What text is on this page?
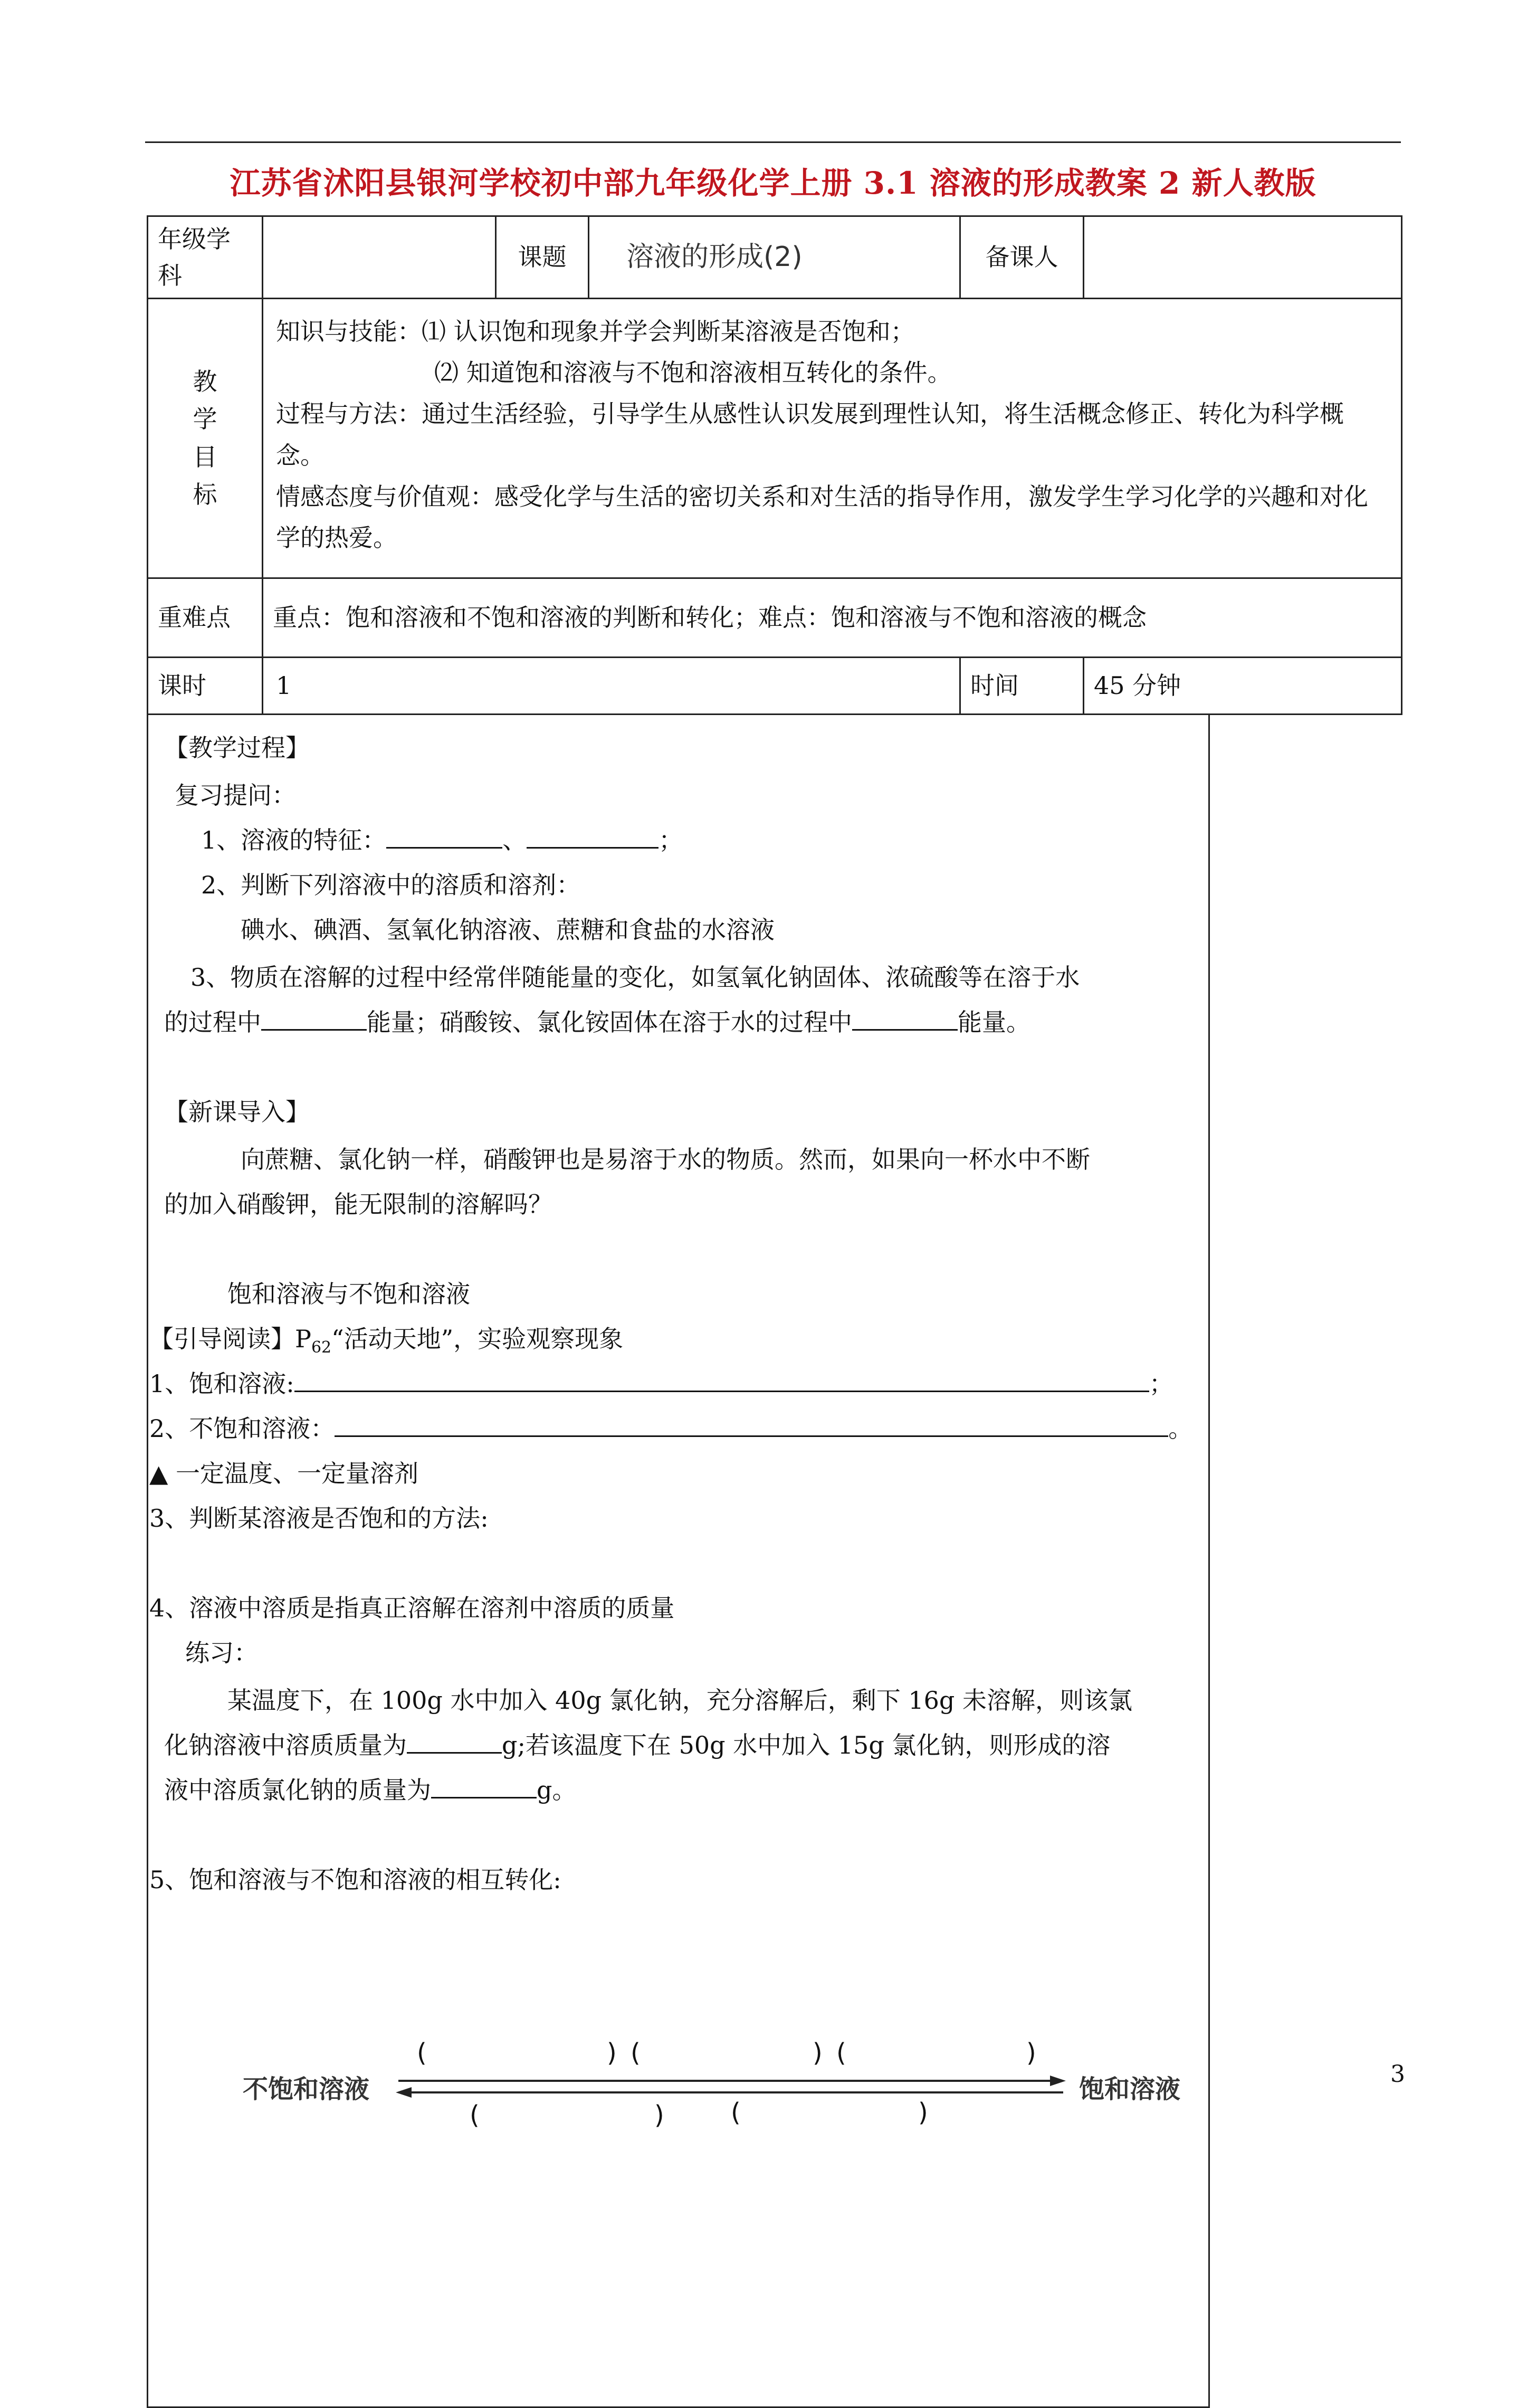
江苏省沭阳县银河学校初中部九年级化学上册 3.1 溶液的形成教案 2 新人教版
年级学科		课题	溶液的形成(2)	备课人	

教学目标	知识与技能：⑴ 认识饱和现象并学会判断某溶液是否饱和；

⑵ 知道饱和溶液与不饱和溶液相互转化的条件。

过程与方法：通过生活经验，引导学生从感性认识发展到理性认知，将生活概念修正、转化为科学概念。

情感态度与价值观：感受化学与生活的密切关系和对生活的指导作用，激发学生学习化学的兴趣和对化学的热爱。				

重难点	重点：饱和溶液和不饱和溶液的判断和转化；难点：饱和溶液与不饱和溶液的概念				
课时	1			时间	45 分钟
【教学过程】
复习提问：
1、溶液的特征：	、	；
2、判断下列溶液中的溶质和溶剂：
碘水、碘酒、氢氧化钠溶液、蔗糖和食盐的水溶液
3、物质在溶解的过程中经常伴随能量的变化，如氢氧化钠固体、浓硫酸等在溶于水
的过程中	能量；硝酸铵、氯化铵固体在溶于水的过程中	能量。
【新课导入】
向蔗糖、氯化钠一样，硝酸钾也是易溶于水的物质。然而，如果向一杯水中不断
的加入硝酸钾，能无限制的溶解吗？
饱和溶液与不饱和溶液
【引导阅读】$P_{62}“$活动天地”，实验观察现象
1、饱和溶液:	；
2、不饱和溶液：	。
▲ 一定温度、一定量溶剂
3、判断某溶液是否饱和的方法:
4、溶液中溶质是指真正溶解在溶剂中溶质的质量
练习：
某温度下，在 100g 水中加入 40g 氯化钠，充分溶解后，剩下 16g 未溶解，则该氯
化钠溶液中溶质质量为	g;若该温度下在 50g 水中加入 15g 氯化钠，则形成的溶
液中溶质氯化钠的质量为	g。
5、饱和溶液与不饱和溶液的相互转化:
不饱和溶液	饱和溶液
(	) (	) (	)
(	)	(	)
3
